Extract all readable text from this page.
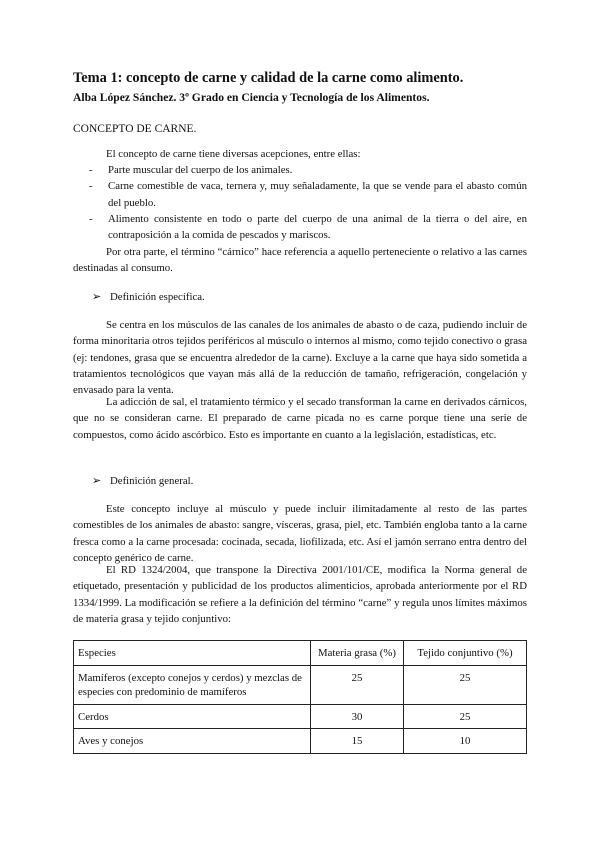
Tema 1: concepto de carne y calidad de la carne como alimento.
Alba López Sánchez. 3º Grado en Ciencia y Tecnología de los Alimentos.
CONCEPTO DE CARNE.
El concepto de carne tiene diversas acepciones, entre ellas:
- Parte muscular del cuerpo de los animales.
- Carne comestible de vaca, ternera y, muy señaladamente, la que se vende para el abasto común del pueblo.
- Alimento consistente en todo o parte del cuerpo de una animal de la tierra o del aire, en contraposición a la comida de pescados y mariscos.
Por otra parte, el término “cárnico” hace referencia a aquello perteneciente o relativo a las carnes destinadas al consumo.
➢ Definición específica.
Se centra en los músculos de las canales de los animales de abasto o de caza, pudiendo incluir de forma minoritaria otros tejidos periféricos al músculo o internos al mismo, como tejido conectivo o grasa (ej: tendones, grasa que se encuentra alrededor de la carne). Excluye a la carne que haya sido sometida a tratamientos tecnológicos que vayan más allá de la reducción de tamaño, refrigeración, congelación y envasado para la venta.
La adicción de sal, el tratamiento térmico y el secado transforman la carne en derivados cárnicos, que no se consideran carne. El preparado de carne picada no es carne porque tiene una serie de compuestos, como ácido ascórbico. Esto es importante en cuanto a la legislación, estadísticas, etc.
➢ Definición general.
Este concepto incluye al músculo y puede incluir ilimitadamente al resto de las partes comestibles de los animales de abasto: sangre, vísceras, grasa, piel, etc. También engloba tanto a la carne fresca como a la carne procesada: cocinada, secada, liofilizada, etc. Así el jamón serrano entra dentro del concepto genérico de carne.
El RD 1324/2004, que transpone la Directiva 2001/101/CE, modifica la Norma general de etiquetado, presentación y publicidad de los productos alimenticios, aprobada anteriormente por el RD 1334/1999. La modificación se refiere a la definición del término “carne” y regula unos límites máximos de materia grasa y tejido conjuntivo:
Especies	Materia grasa (%)	Tejido conjuntivo (%)
Mamíferos (excepto conejos y cerdos) y mezclas de especies con predominio de mamíferos	25	25
Cerdos	30	25
Aves y conejos	15	10
